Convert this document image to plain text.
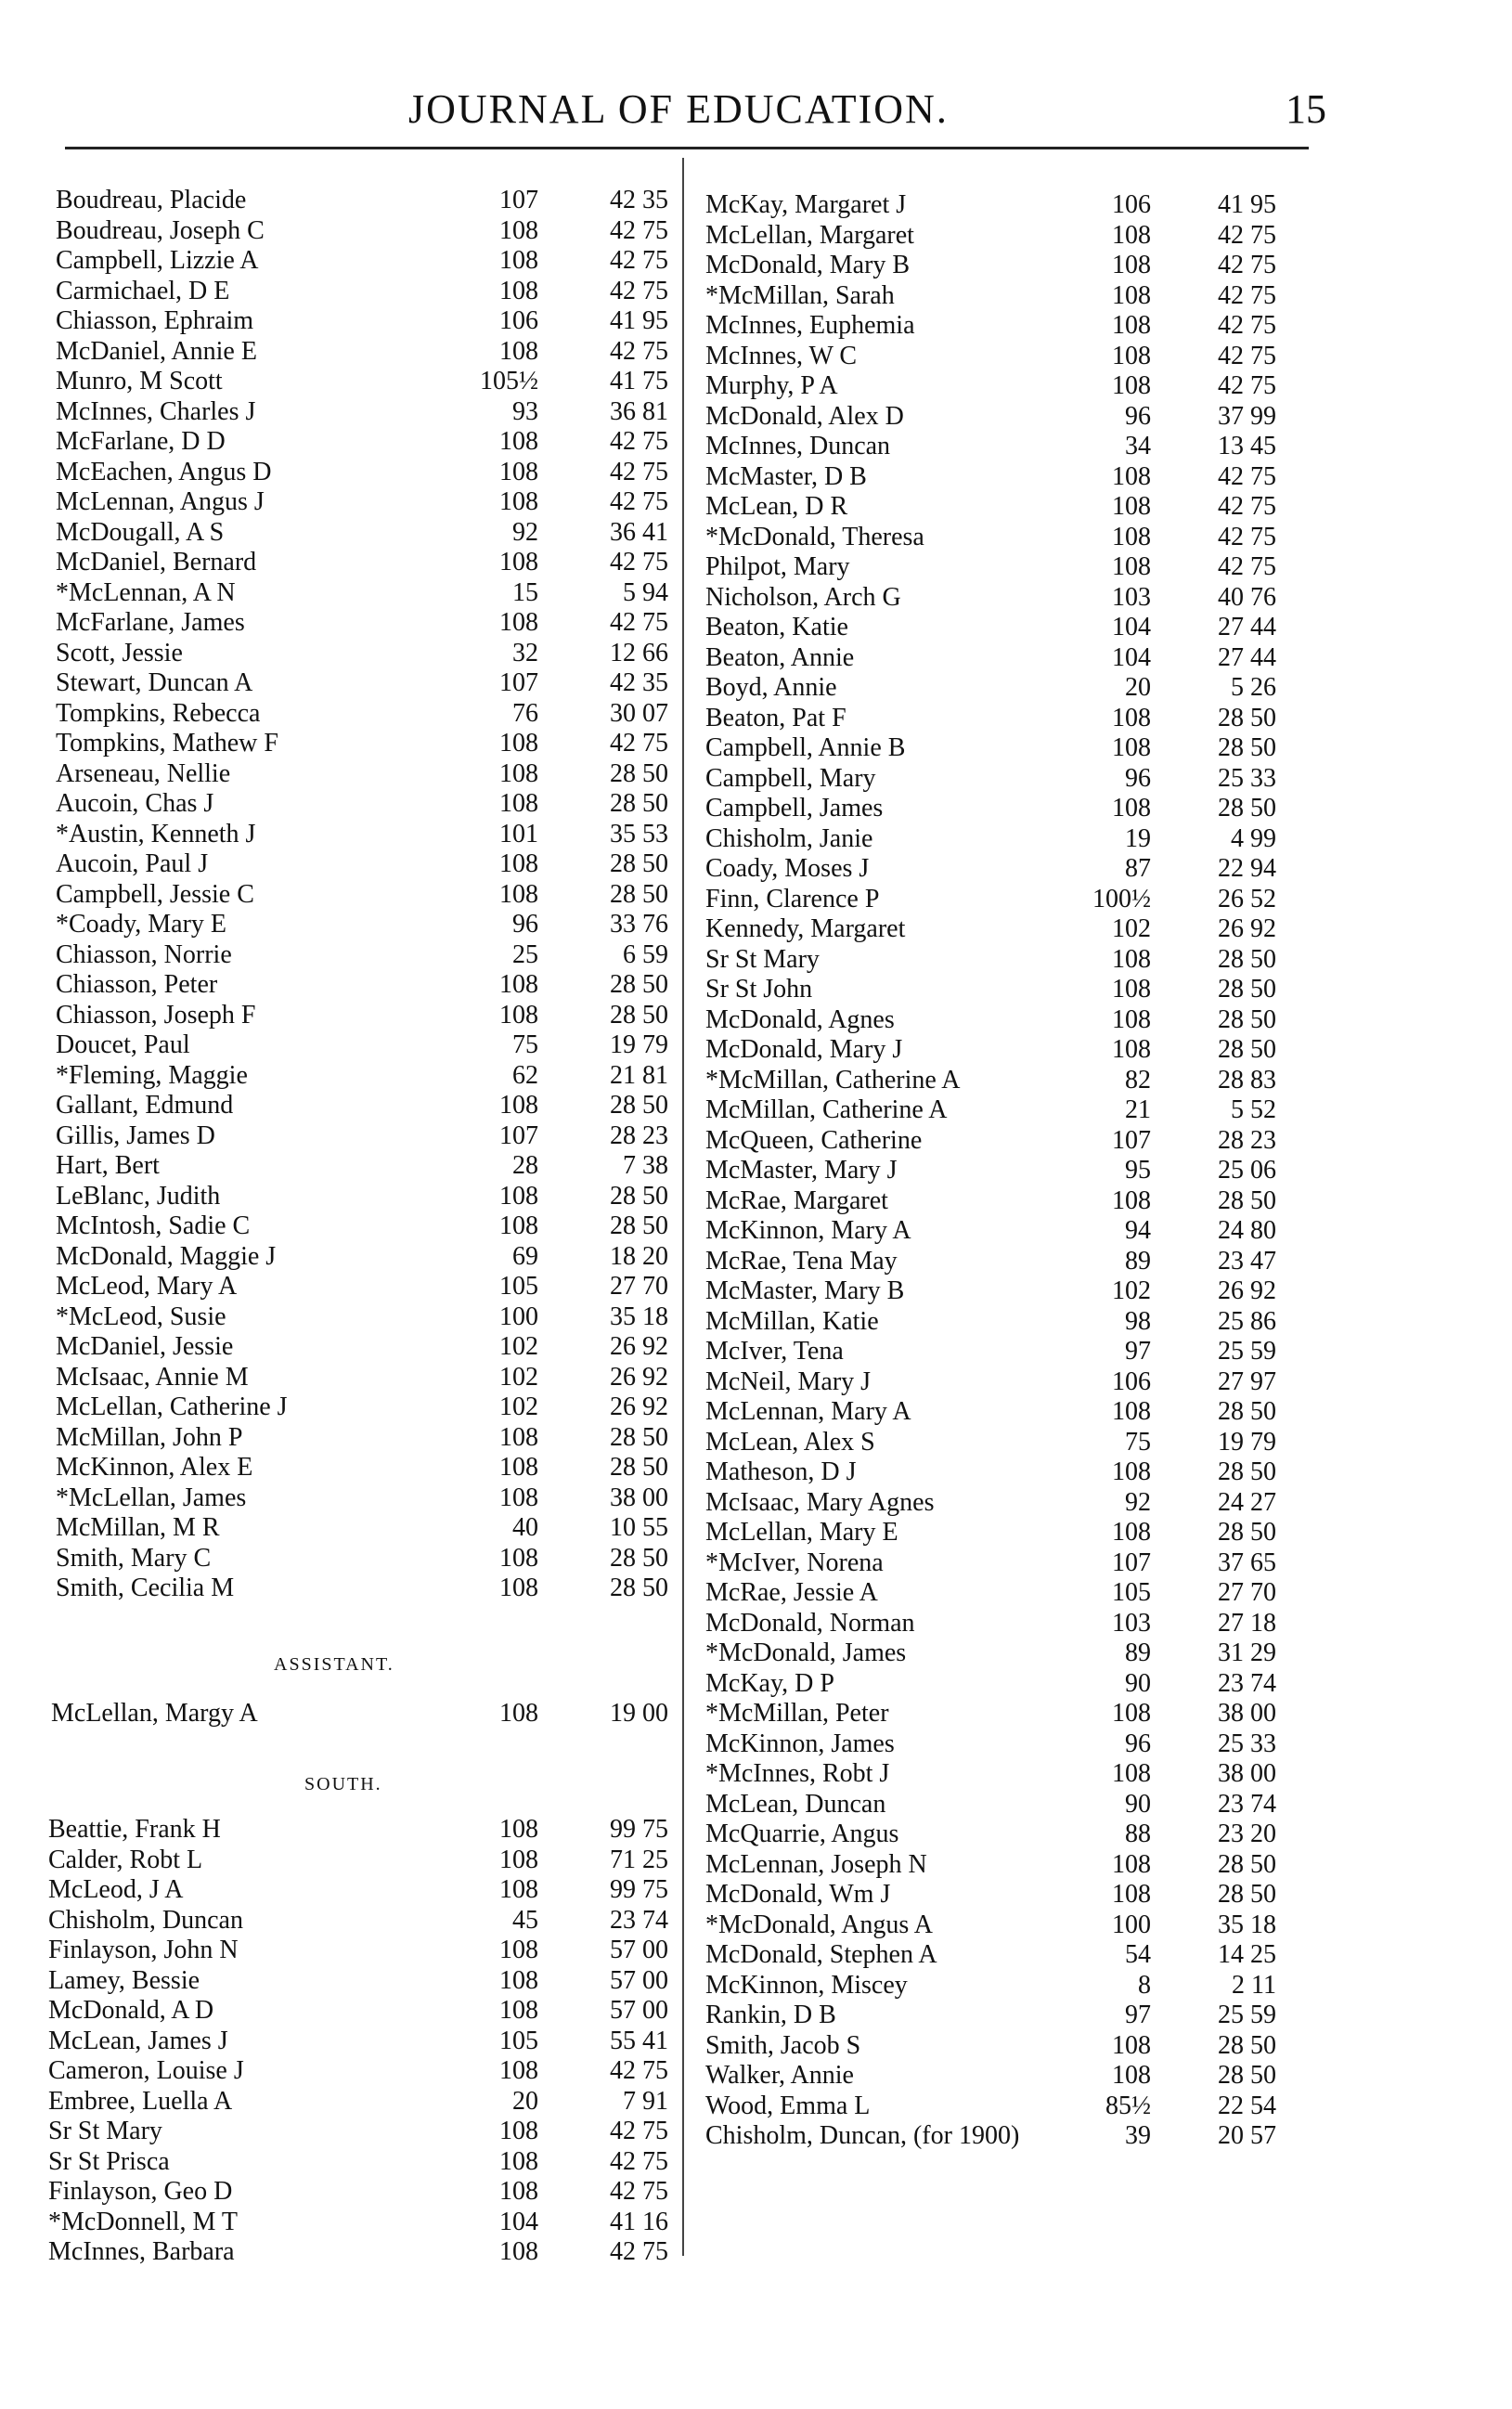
JOURNAL OF EDUCATION.	15
Boudreau, Placide	107	42 35
Boudreau, Joseph C	108	42 75
Campbell, Lizzie A	108	42 75
Carmichael, D E	108	42 75
Chiasson, Ephraim	106	41 95
McDaniel, Annie E	108	42 75
Munro, M Scott	105½	41 75
McInnes, Charles J	93	36 81
McFarlane, D D	108	42 75
McEachen, Angus D	108	42 75
McLennan, Angus J	108	42 75
McDougall, A S	92	36 41
McDaniel, Bernard	108	42 75
*McLennan, A N	15	5 94
McFarlane, James	108	42 75
Scott, Jessie	32	12 66
Stewart, Duncan A	107	42 35
Tompkins, Rebecca	76	30 07
Tompkins, Mathew F	108	42 75
Arseneau, Nellie	108	28 50
Aucoin, Chas J	108	28 50
*Austin, Kenneth J	101	35 53
Aucoin, Paul J	108	28 50
Campbell, Jessie C	108	28 50
*Coady, Mary E	96	33 76
Chiasson, Norrie	25	6 59
Chiasson, Peter	108	28 50
Chiasson, Joseph F	108	28 50
Doucet, Paul	75	19 79
*Fleming, Maggie	62	21 81
Gallant, Edmund	108	28 50
Gillis, James D	107	28 23
Hart, Bert	28	7 38
LeBlanc, Judith	108	28 50
McIntosh, Sadie C	108	28 50
McDonald, Maggie J	69	18 20
McLeod, Mary A	105	27 70
*McLeod, Susie	100	35 18
McDaniel, Jessie	102	26 92
McIsaac, Annie M	102	26 92
McLellan, Catherine J	102	26 92
McMillan, John P	108	28 50
McKinnon, Alex E	108	28 50
*McLellan, James	108	38 00
McMillan, M R	40	10 55
Smith, Mary C	108	28 50
Smith, Cecilia M	108	28 50
ASSISTANT.
McLellan, Margy A	108	19 00
SOUTH.
Beattie, Frank H	108	99 75
Calder, Robt L	108	71 25
McLeod, J A	108	99 75
Chisholm, Duncan	45	23 74
Finlayson, John N	108	57 00
Lamey, Bessie	108	57 00
McDonald, A D	108	57 00
McLean, James J	105	55 41
Cameron, Louise J	108	42 75
Embree, Luella A	20	7 91
Sr St Mary	108	42 75
Sr St Prisca	108	42 75
Finlayson, Geo D	108	42 75
*McDonnell, M T	104	41 16
McInnes, Barbara	108	42 75
McKay, Margaret J	106	41 95
McLellan, Margaret	108	42 75
McDonald, Mary B	108	42 75
*McMillan, Sarah	108	42 75
McInnes, Euphemia	108	42 75
McInnes, W C	108	42 75
Murphy, P A	108	42 75
McDonald, Alex D	96	37 99
McInnes, Duncan	34	13 45
McMaster, D B	108	42 75
McLean, D R	108	42 75
*McDonald, Theresa	108	42 75
Philpot, Mary	108	42 75
Nicholson, Arch G	103	40 76
Beaton, Katie	104	27 44
Beaton, Annie	104	27 44
Boyd, Annie	20	5 26
Beaton, Pat F	108	28 50
Campbell, Annie B	108	28 50
Campbell, Mary	96	25 33
Campbell, James	108	28 50
Chisholm, Janie	19	4 99
Coady, Moses J	87	22 94
Finn, Clarence P	100½	26 52
Kennedy, Margaret	102	26 92
Sr St Mary	108	28 50
Sr St John	108	28 50
McDonald, Agnes	108	28 50
McDonald, Mary J	108	28 50
*McMillan, Catherine A	82	28 83
McMillan, Catherine A	21	5 52
McQueen, Catherine	107	28 23
McMaster, Mary J	95	25 06
McRae, Margaret	108	28 50
McKinnon, Mary A	94	24 80
McRae, Tena May	89	23 47
McMaster, Mary B	102	26 92
McMillan, Katie	98	25 86
McIver, Tena	97	25 59
McNeil, Mary J	106	27 97
McLennan, Mary A	108	28 50
McLean, Alex S	75	19 79
Matheson, D J	108	28 50
McIsaac, Mary Agnes	92	24 27
McLellan, Mary E	108	28 50
*McIver, Norena	107	37 65
McRae, Jessie A	105	27 70
McDonald, Norman	103	27 18
*McDonald, James	89	31 29
McKay, D P	90	23 74
*McMillan, Peter	108	38 00
McKinnon, James	96	25 33
*McInnes, Robt J	108	38 00
McLean, Duncan	90	23 74
McQuarrie, Angus	88	23 20
McLennan, Joseph N	108	28 50
McDonald, Wm J	108	28 50
*McDonald, Angus A	100	35 18
McDonald, Stephen A	54	14 25
McKinnon, Miscey	8	2 11
Rankin, D B	97	25 59
Smith, Jacob S	108	28 50
Walker, Annie	108	28 50
Wood, Emma L	85½	22 54
Chisholm, Duncan, (for 1900)	39	20 57
